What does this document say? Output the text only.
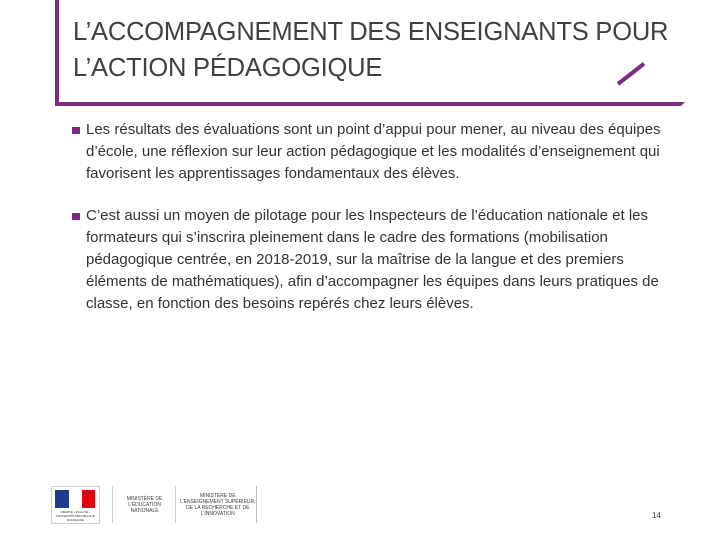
L’ACCOMPAGNEMENT DES ENSEIGNANTS POUR L’ACTION PÉDAGOGIQUE
Les résultats des évaluations sont un point d’appui pour mener, au niveau des équipes d’école, une réflexion sur leur action pédagogique et les modalités d’enseignement qui favorisent les apprentissages fondamentaux des élèves.
C’est aussi un moyen de pilotage pour les Inspecteurs de l’éducation nationale et les formateurs qui s’inscrira pleinement dans le cadre des formations (mobilisation pédagogique centrée, en 2018-2019, sur la maîtrise de la langue et des premiers éléments de mathématiques), afin d’accompagner les équipes dans leurs pratiques de classe, en fonction des besoins repérés chez leurs élèves.
LIBERTÉ • ÉGALITÉ • FRATERNITÉ RÉPUBLIQUE FRANÇAISE
MINISTÈRE DE L’ÉDUCATION NATIONALE
MINISTÈRE DE L’ENSEIGNEMENT SUPÉRIEUR, DE LA RECHERCHE ET DE L’INNOVATION	14
